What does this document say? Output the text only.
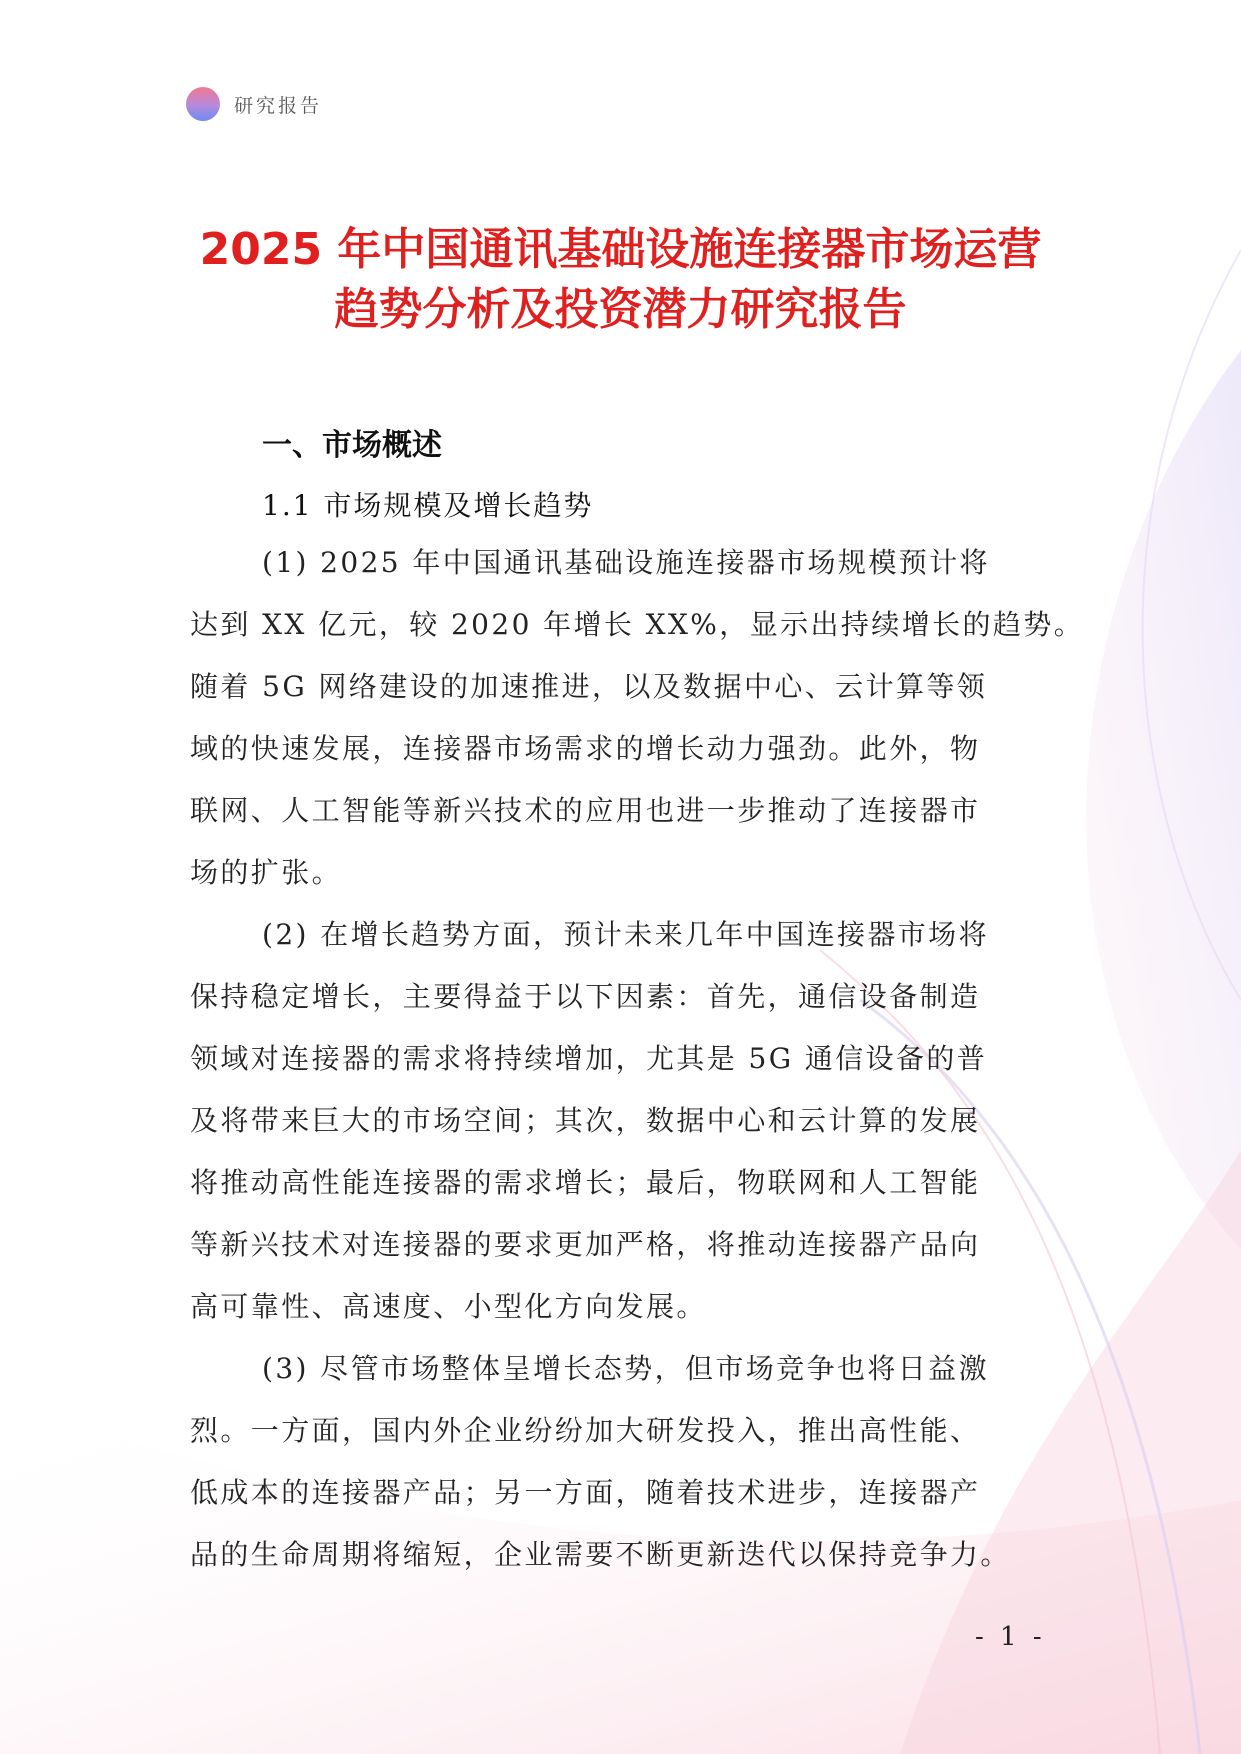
研究报告
2025 年中国通讯基础设施连接器市场运营
趋势分析及投资潜力研究报告
一、市场概述
1.1 市场规模及增长趋势
(1) 2025 年中国通讯基础设施连接器市场规模预计将
达到 XX 亿元，较 2020 年增长 XX%，显示出持续增长的趋势。
随着 5G 网络建设的加速推进，以及数据中心、云计算等领
域的快速发展，连接器市场需求的增长动力强劲。此外，物
联网、人工智能等新兴技术的应用也进一步推动了连接器市
场的扩张。
(2) 在增长趋势方面，预计未来几年中国连接器市场将
保持稳定增长，主要得益于以下因素：首先，通信设备制造
领域对连接器的需求将持续增加，尤其是 5G 通信设备的普
及将带来巨大的市场空间；其次，数据中心和云计算的发展
将推动高性能连接器的需求增长；最后，物联网和人工智能
等新兴技术对连接器的要求更加严格，将推动连接器产品向
高可靠性、高速度、小型化方向发展。
(3) 尽管市场整体呈增长态势，但市场竞争也将日益激
烈。一方面，国内外企业纷纷加大研发投入，推出高性能、
低成本的连接器产品；另一方面，随着技术进步，连接器产
品的生命周期将缩短，企业需要不断更新迭代以保持竞争力。
- 1 -
